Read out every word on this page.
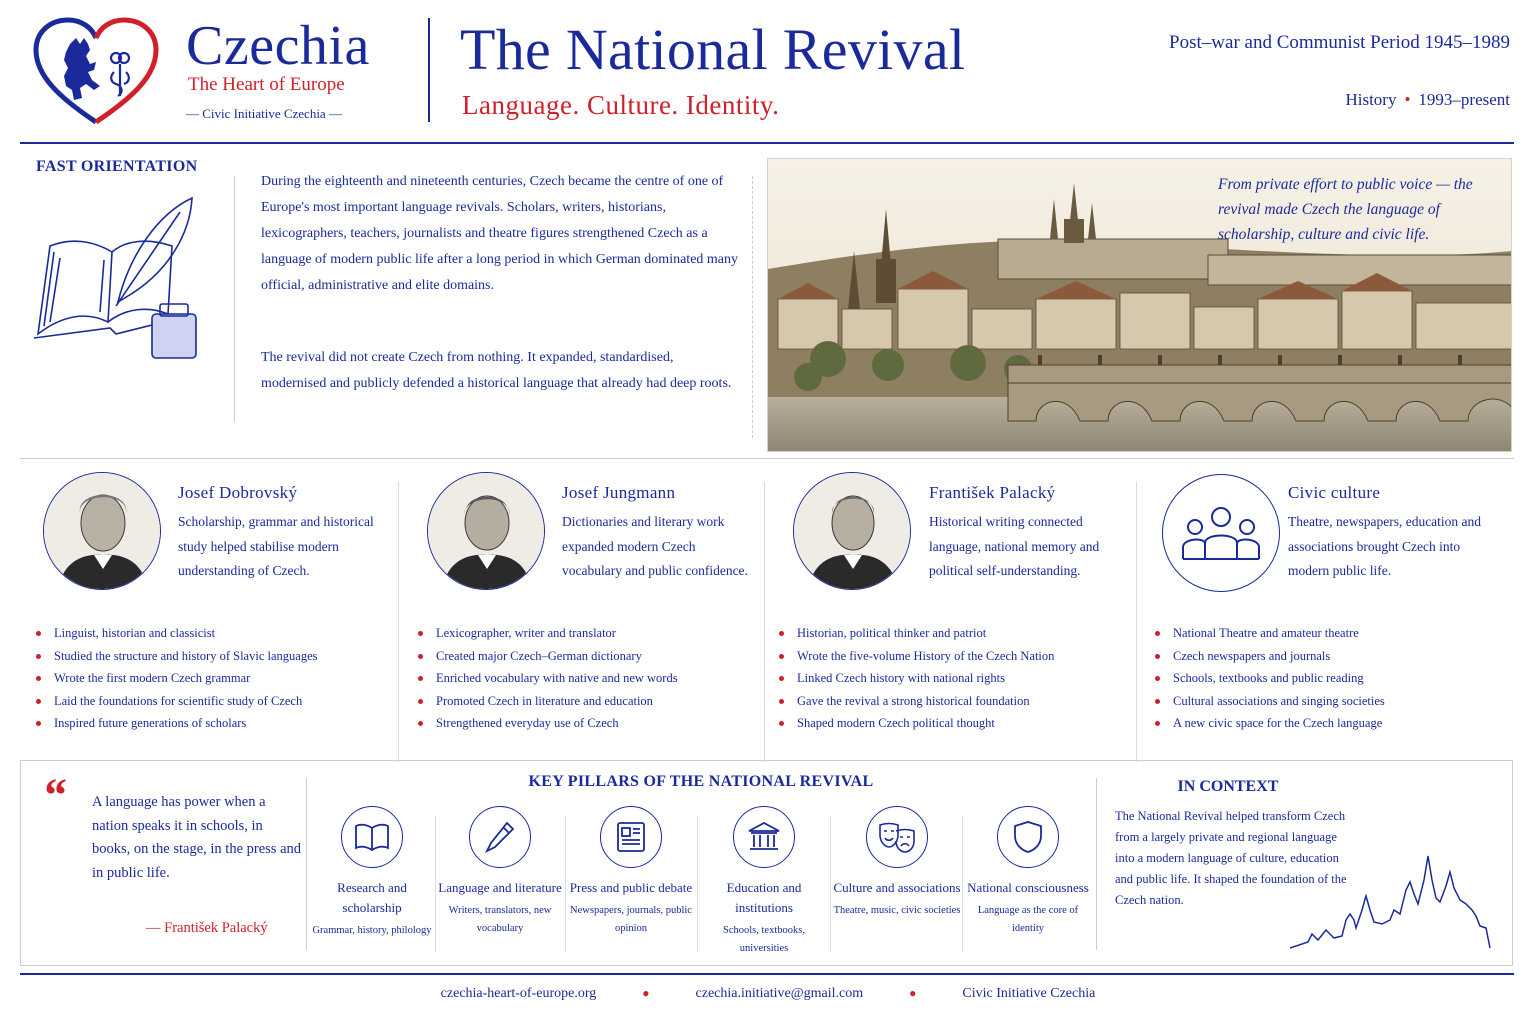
Czechia
The Heart of Europe
— Civic Initiative Czechia —
The National Revival
Language. Culture. Identity.
Post–war and Communist Period 1945–1989
History • 1993–present
FAST ORIENTATION
During the eighteenth and nineteenth centuries, Czech became the centre of one of Europe's most important language revivals. Scholars, writers, historians, lexicographers, teachers, journalists and theatre figures strengthened Czech as a language of modern public life after a long period in which German dominated many official, administrative and elite domains.
The revival did not create Czech from nothing. It expanded, standardised, modernised and publicly defended a historical language that already had deep roots.
From private effort to public voice — the revival made Czech the language of scholarship, culture and civic life.
Josef Dobrovský
Scholarship, grammar and historical study helped stabilise modern understanding of Czech.
Linguist, historian and classicist
Studied the structure and history of Slavic languages
Wrote the first modern Czech grammar
Laid the foundations for scientific study of Czech
Inspired future generations of scholars
Josef Jungmann
Dictionaries and literary work expanded modern Czech vocabulary and public confidence.
Lexicographer, writer and translator
Created major Czech–German dictionary
Enriched vocabulary with native and new words
Promoted Czech in literature and education
Strengthened everyday use of Czech
František Palacký
Historical writing connected language, national memory and political self-understanding.
Historian, political thinker and patriot
Wrote the five-volume History of the Czech Nation
Linked Czech history with national rights
Gave the revival a strong historical foundation
Shaped modern Czech political thought
Civic culture
Theatre, newspapers, education and associations brought Czech into modern public life.
National Theatre and amateur theatre
Czech newspapers and journals
Schools, textbooks and public reading
Cultural associations and singing societies
A new civic space for the Czech language
“ A language has power when a nation speaks it in schools, in books, on the stage, in the press and in public life.
— František Palacký
KEY PILLARS OF THE NATIONAL REVIVAL
Research and scholarship
Grammar, history, philology
Language and literature
Writers, translators, new vocabulary
Press and public debate
Newspapers, journals, public opinion
Education and institutions
Schools, textbooks, universities
Culture and associations
Theatre, music, civic societies
National consciousness
Language as the core of identity
IN CONTEXT
The National Revival helped transform Czech from a largely private and regional language into a modern language of culture, education and public life. It shaped the foundation of the Czech nation.
czechia-heart-of-europe.org	●	czechia.initiative@gmail.com	●	Civic Initiative Czechia
